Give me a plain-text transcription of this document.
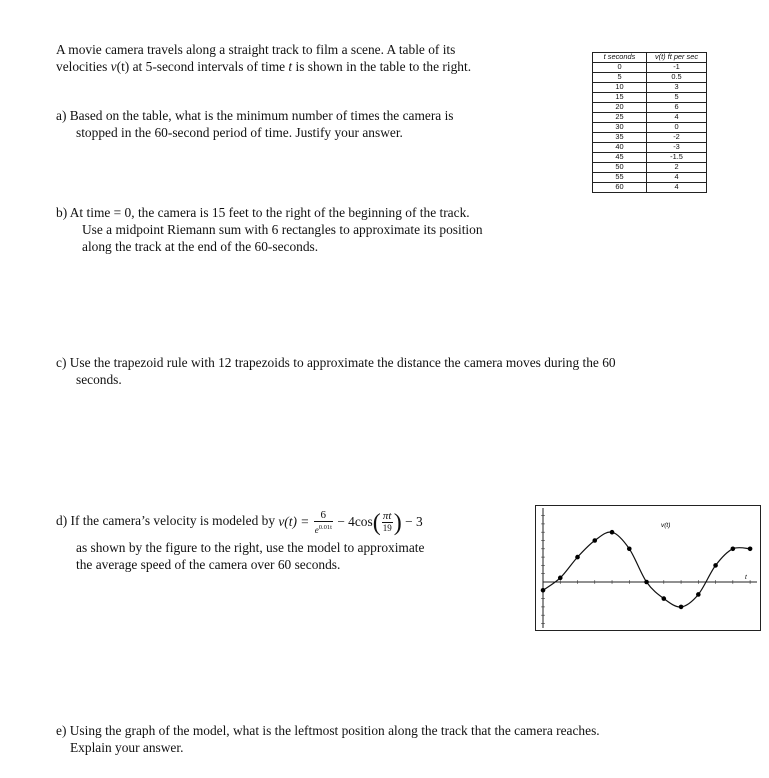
A movie camera travels along a straight track to film a scene. A table of its
velocities v(t) at 5-second intervals of time t is shown in the table to the right.
t seconds	v(t) ft per sec
0	-1
5	0.5
10	3
15	5
20	6
25	4
30	0
35	-2
40	-3
45	-1.5
50	2
55	4
60	4
a) Based on the table, what is the minimum number of times the camera is
stopped in the 60-second period of time. Justify your answer.
b) At time = 0, the camera is 15 feet to the right of the beginning of the track.
Use a midpoint Riemann sum with 6 rectangles to approximate its position
along the track at the end of the 60-seconds.
c) Use the trapezoid rule with 12 trapezoids to approximate the distance the camera moves during the 60
seconds.
d) If the camera’s velocity is modeled by $v(t) = \frac{6}{e^{0.01t}} - 4\cos( \frac{\pi t}{19}$ ) − 3
as shown by the figure to the right, use the model to approximate
the average speed of the camera over 60 seconds.
v(t)
t
e) Using the graph of the model, what is the leftmost position along the track that the camera reaches.
Explain your answer.
